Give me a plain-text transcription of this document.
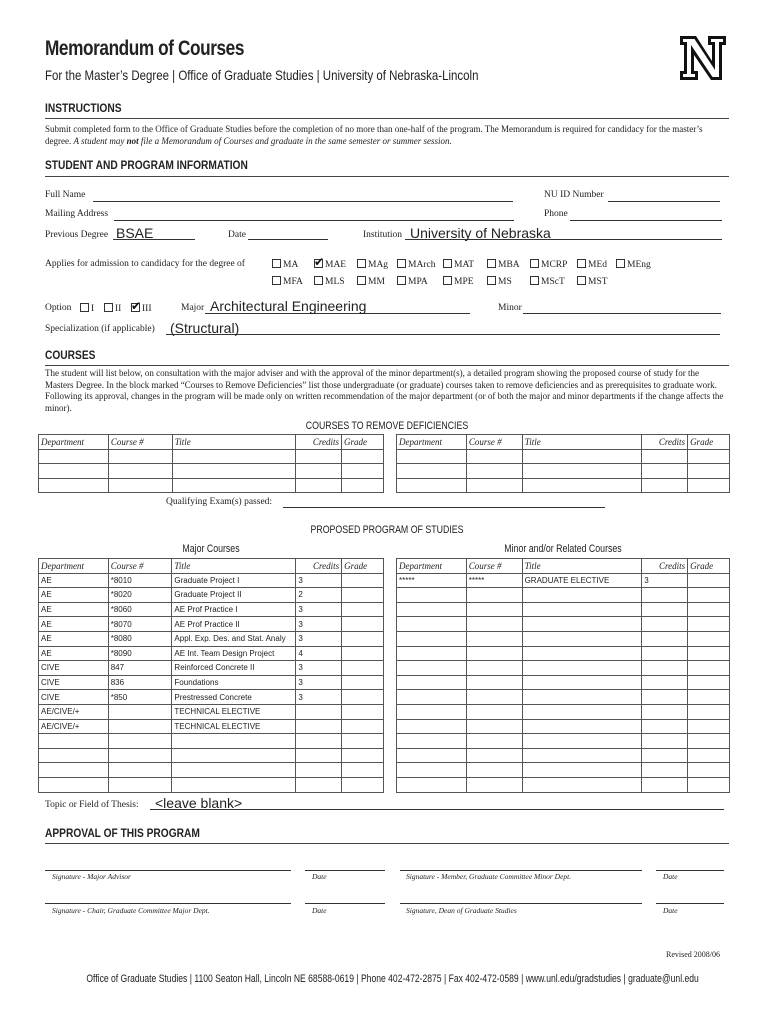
Memorandum of Courses
For the Master’s Degree | Office of Graduate Studies | University of Nebraska-Lincoln
INSTRUCTIONS
Submit completed form to the Office of Graduate Studies before the completion of no more than one-half of the program. The Memorandum is required for candidacy for the master’s degree. A student may not file a Memorandum of Courses and graduate in the same semester or summer session.
STUDENT AND PROGRAM INFORMATION
Full Name	NU ID Number
Mailing Address	Phone
Previous Degree BSAE	Date	Institution University of Nebraska
Applies for admission to candidacy for the degree of	MA ✔	MAE	MAg	MArch	MAT	MBA	MCRP	MEd	MEng
MFA	MLS	MM	MPA	MPE	MS	MScT	MST
Option	I	II ✔	III	Major Architectural Engineering	Minor
Specialization (if applicable) (Structural)
COURSES
The student will list below, on consultation with the major adviser and with the approval of the minor department(s), a detailed program showing the proposed course of study for the Masters Degree. In the block marked “Courses to Remove Deficiencies” list those undergraduate (or graduate) courses taken to remove deficiencies and as prerequisites to graduate work. Following its approval, changes in the program will be made only on written recommendation of the major department (or of both the major and minor departments if the change affects the minor).
COURSES TO REMOVE DEFICIENCIES
Department	Course #	Title	Credits	Grade

					Department	Course #	Title	Credits	Grade

Qualifying Exam(s) passed:
PROPOSED PROGRAM OF STUDIES
Major Courses	Minor and/or Related Courses
Department	Course #	Title	Credits	Grade
AE	*8010	Graduate Project I	3	
AE	*8020	Graduate Project II	2	
AE	*8060	AE Prof Practice I	3	
AE	*8070	AE Prof Practice II	3	
AE	*8080	Appl. Exp. Des. and Stat. Analy	3	
AE	*8090	AE Int. Team Design Project	4	
CIVE	847	Reinforced Concrete II	3	
CIVE	836	Foundations	3	
CIVE	*850	Prestressed Concrete	3	
AE/CIVE/+		TECHNICAL ELECTIVE		
AE/CIVE/+		TECHNICAL ELECTIVE		

Department	Course #	Title	Credits	Grade
*****	*****	GRADUATE ELECTIVE	3	

Topic or Field of Thesis: <leave blank>
APPROVAL OF THIS PROGRAM
Signature - Major Advisor	Date	Signature - Member, Graduate Committee Minor Dept.	Date
Signature - Chair, Graduate Committee Major Dept.	Date	Signature, Dean of Graduate Studies	Date
Revised 2008/06
Office of Graduate Studies | 1100 Seaton Hall, Lincoln NE 68588-0619 | Phone 402-472-2875 | Fax 402-472-0589 | www.unl.edu/gradstudies | graduate@unl.edu
